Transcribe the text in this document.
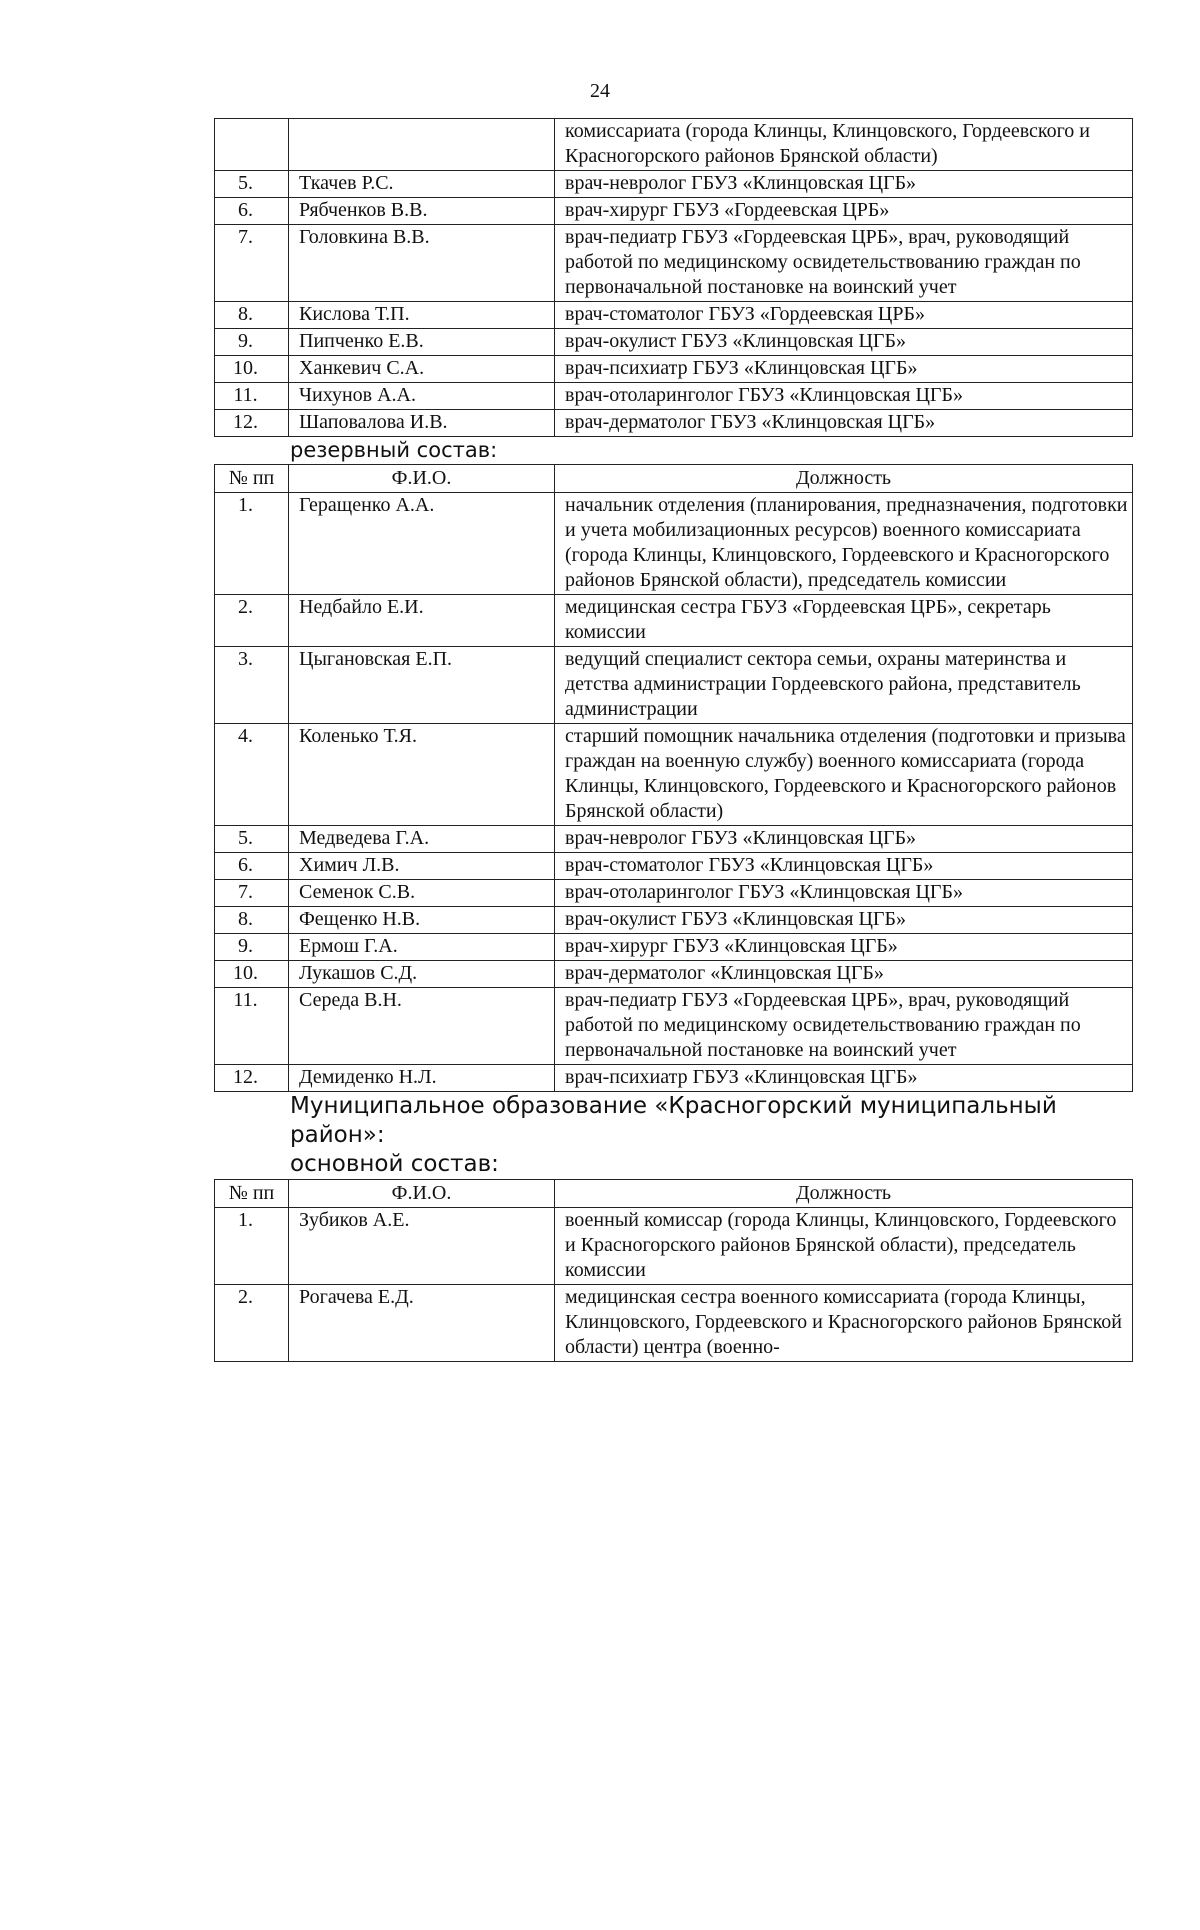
24
		комиссариата (города Клинцы, Клинцовского, Гордеевского и Красногорского районов Брянской области)
5.	Ткачев Р.С.	врач-невролог ГБУЗ «Клинцовская ЦГБ»
6.	Рябченков В.В.	врач-хирург ГБУЗ «Гордеевская ЦРБ»
7.	Головкина В.В.	врач-педиатр ГБУЗ «Гордеевская ЦРБ», врач, руководящий работой по медицинскому освидетельствованию граждан по первоначальной постановке на воинский учет
8.	Кислова Т.П.	врач-стоматолог ГБУЗ «Гордеевская ЦРБ»
9.	Пипченко Е.В.	врач-окулист ГБУЗ «Клинцовская ЦГБ»
10.	Ханкевич С.А.	врач-психиатр ГБУЗ «Клинцовская ЦГБ»
11.	Чихунов А.А.	врач-отоларинголог ГБУЗ «Клинцовская ЦГБ»
12.	Шаповалова И.В.	врач-дерматолог ГБУЗ «Клинцовская ЦГБ»

резервный состав:

№ пп	Ф.И.О.	Должность
1.	Геращенко А.А.	начальник отделения (планирования, предназначения, подготовки и учета мобилизационных ресурсов) военного комиссариата (города Клинцы, Клинцовского, Гордеевского и Красногорского районов Брянской области), председатель комиссии
2.	Недбайло Е.И.	медицинская сестра ГБУЗ «Гордеевская ЦРБ», секретарь комиссии
3.	Цыгановская Е.П.	ведущий специалист сектора семьи, охраны материнства и детства администрации Гордеевского района, представитель администрации
4.	Коленько Т.Я.	старший помощник начальника отделения (подготовки и призыва граждан на военную службу) военного комиссариата (города Клинцы, Клинцовского, Гордеевского и Красногорского районов Брянской области)
5.	Медведева Г.А.	врач-невролог ГБУЗ «Клинцовская ЦГБ»
6.	Химич Л.В.	врач-стоматолог ГБУЗ «Клинцовская ЦГБ»
7.	Семенок С.В.	врач-отоларинголог ГБУЗ «Клинцовская ЦГБ»
8.	Фещенко Н.В.	врач-окулист ГБУЗ «Клинцовская ЦГБ»
9.	Ермош Г.А.	врач-хирург ГБУЗ «Клинцовская ЦГБ»
10.	Лукашов С.Д.	врач-дерматолог «Клинцовская ЦГБ»
11.	Середа В.Н.	врач-педиатр ГБУЗ «Гордеевская ЦРБ», врач, руководящий работой по медицинскому освидетельствованию граждан по первоначальной постановке на воинский учет
12.	Демиденко Н.Л.	врач-психиатр ГБУЗ «Клинцовская ЦГБ»

Муниципальное образование «Красногорский муниципальный район»:

основной состав:

№ пп	Ф.И.О.	Должность
1.	Зубиков А.Е.	военный комиссар (города Клинцы, Клинцовского, Гордеевского и Красногорского районов Брянской области), председатель комиссии
2.	Рогачева Е.Д.	медицинская сестра военного комиссариата (города Клинцы, Клинцовского, Гордеевского и Красногорского районов Брянской области) центра (военно-
